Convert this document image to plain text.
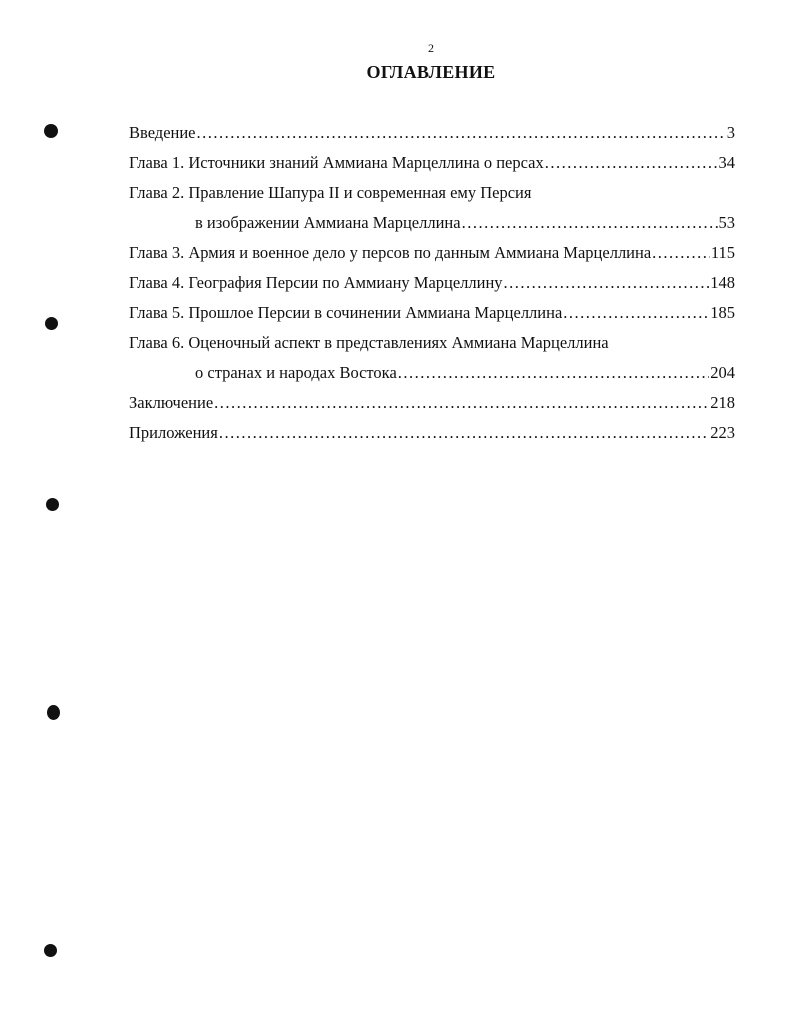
2
ОГЛАВЛЕНИЕ
Введение .....	3
Глава 1. Источники знаний Аммиана Марцеллина о персах .....	34
Глава 2. Правление Шапура II и современная ему Персия
в изображении Аммиана Марцеллина .....	53
Глава 3. Армия и военное дело у персов по данным Аммиана Марцеллина .....	115
Глава 4. География Персии по Аммиану Марцеллину .....	148
Глава 5. Прошлое Персии в сочинении Аммиана Марцеллина .....	185
Глава 6. Оценочный аспект в представлениях Аммиана Марцеллина
о странах и народах Востока .....	204
Заключение .....	218
Приложения .....	223
